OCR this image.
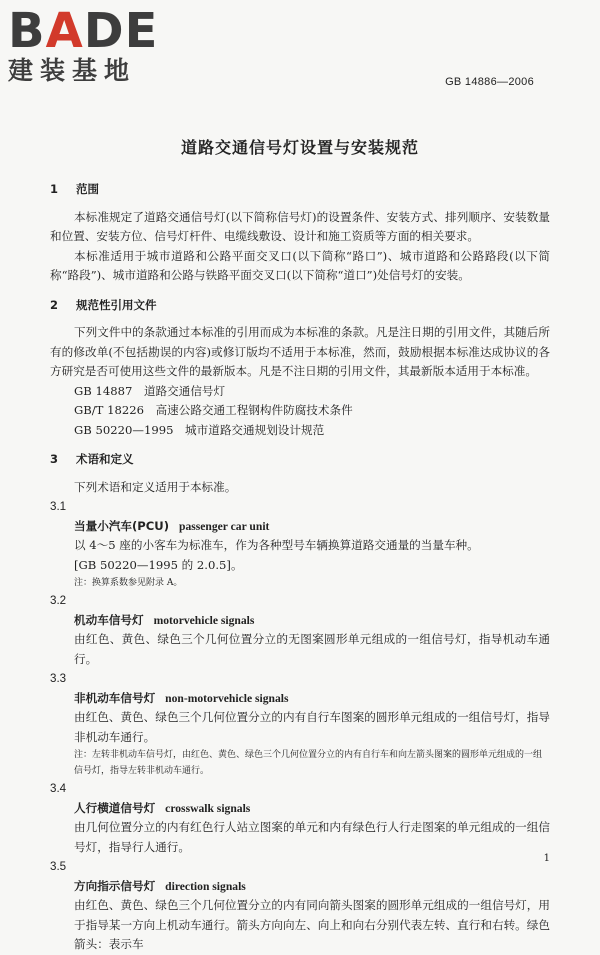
BADE
建装基地	GB 14886—2006
道路交通信号灯设置与安装规范
1 范围

本标准规定了道路交通信号灯(以下简称信号灯)的设置条件、安装方式、排列顺序、安装数量和位置、安装方位、信号灯杆件、电缆线敷设、设计和施工资质等方面的相关要求。

本标准适用于城市道路和公路平面交叉口(以下简称“路口”)、城市道路和公路路段(以下简称“路段”)、城市道路和公路与铁路平面交叉口(以下简称“道口”)处信号灯的安装。

2 规范性引用文件

下列文件中的条款通过本标准的引用而成为本标准的条款。凡是注日期的引用文件，其随后所有的修改单(不包括勘误的内容)或修订版均不适用于本标准，然而，鼓励根据本标准达成协议的各方研究是否可使用这些文件的最新版本。凡是不注日期的引用文件，其最新版本适用于本标准。

GB 14887　道路交通信号灯

GB/T 18226　高速公路交通工程钢构件防腐技术条件

GB 50220—1995　城市道路交通规划设计规范

3 术语和定义

下列术语和定义适用于本标准。

3.1

当量小汽车(PCU) passenger car unit

以 4～5 座的小客车为标准车，作为各种型号车辆换算道路交通量的当量车种。

[GB 50220—1995 的 2.0.5]。

注：换算系数参见附录 A。

3.2

机动车信号灯 motorvehicle signals

由红色、黄色、绿色三个几何位置分立的无图案圆形单元组成的一组信号灯，指导机动车通行。

3.3

非机动车信号灯 non-motorvehicle signals

由红色、黄色、绿色三个几何位置分立的内有自行车图案的圆形单元组成的一组信号灯，指导非机动车通行。

注：左转非机动车信号灯，由红色、黄色、绿色三个几何位置分立的内有自行车和向左箭头图案的圆形单元组成的一组信号灯，指导左转非机动车通行。

3.4

人行横道信号灯 crosswalk signals

由几何位置分立的内有红色行人站立图案的单元和内有绿色行人行走图案的单元组成的一组信号灯，指导行人通行。

3.5

方向指示信号灯 direction signals

由红色、黄色、绿色三个几何位置分立的内有同向箭头图案的圆形单元组成的一组信号灯，用于指导某一方向上机动车通行。箭头方向向左、向上和向右分别代表左转、直行和右转。绿色箭头：表示车

1
